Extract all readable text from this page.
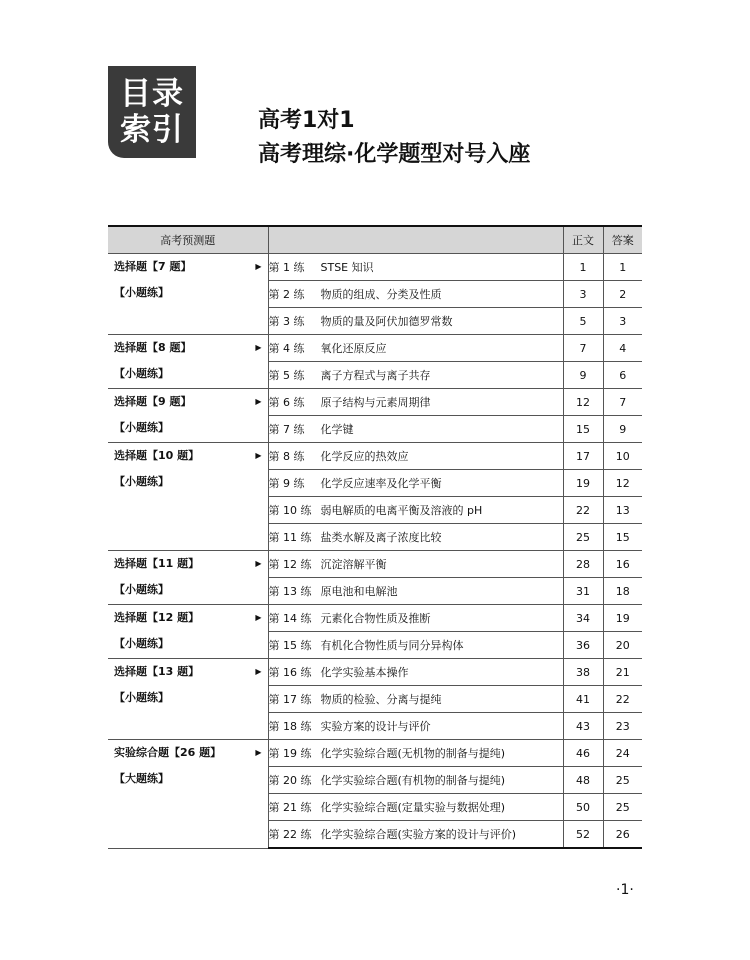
目录
索引	高考1对1
高考理综·化学题型对号入座
高考预测题		正文	答案

选择题【7 题】 ▶
【小题练】	第 1 练 STSE 知识	1	1
	第 2 练 物质的组成、分类及性质	3	2
	第 3 练 物质的量及阿伏加德罗常数	5	3

选择题【8 题】 ▶
【小题练】	第 4 练 氧化还原反应	7	4
	第 5 练 离子方程式与离子共存	9	6

选择题【9 题】 ▶
【小题练】	第 6 练 原子结构与元素周期律	12	7
	第 7 练 化学键	15	9

选择题【10 题】 ▶
【小题练】	第 8 练 化学反应的热效应	17	10
	第 9 练 化学反应速率及化学平衡	19	12
	第 10 练 弱电解质的电离平衡及溶液的 pH	22	13
	第 11 练 盐类水解及离子浓度比较	25	15

选择题【11 题】 ▶
【小题练】	第 12 练 沉淀溶解平衡	28	16
	第 13 练 原电池和电解池	31	18

选择题【12 题】 ▶
【小题练】	第 14 练 元素化合物性质及推断	34	19
	第 15 练 有机化合物性质与同分异构体	36	20

选择题【13 题】 ▶
【小题练】	第 16 练 化学实验基本操作	38	21
	第 17 练 物质的检验、分离与提纯	41	22
	第 18 练 实验方案的设计与评价	43	23

实验综合题【26 题】 ▶
【大题练】	第 19 练 化学实验综合题(无机物的制备与提纯)	46	24
	第 20 练 化学实验综合题(有机物的制备与提纯)	48	25
	第 21 练 化学实验综合题(定量实验与数据处理)	50	25
	第 22 练 化学实验综合题(实验方案的设计与评价)	52	26
·1·
